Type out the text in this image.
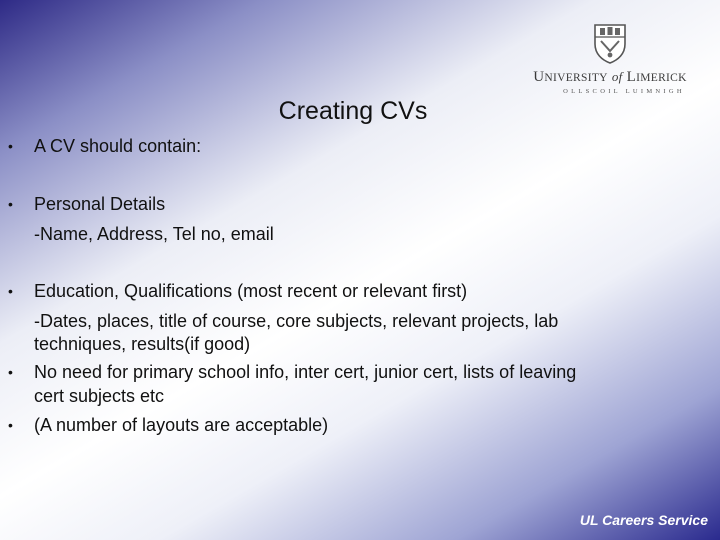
UNIVERSITY of LIMERICK
OLLSCOIL LUIMNIGH
Creating CVs
• A CV should contain:
• Personal Details
-Name, Address, Tel no, email
• Education, Qualifications (most recent or relevant first)
-Dates, places, title of course, core subjects, relevant projects, lab
techniques, results(if good)
• No need for primary school info, inter cert, junior cert, lists of leaving
cert subjects etc
• (A number of layouts are acceptable)
UL Careers Service
